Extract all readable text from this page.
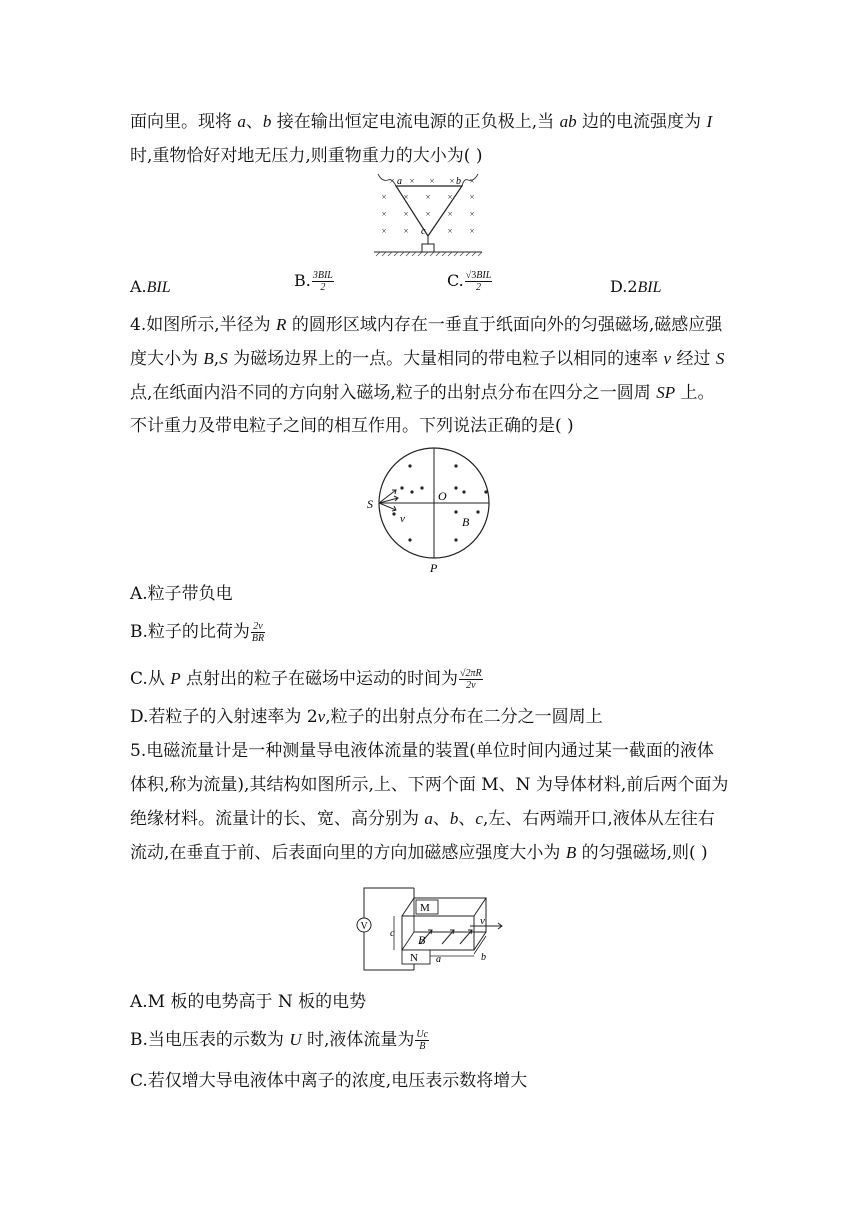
面向里。现将 a、b 接在输出恒定电流电源的正负极上,当 ab 边的电流强度为 I
时,重物恰好对地无压力,则重物重力的大小为( )
× × × × ×
× × × × ×
× × × × ×
× ×	× ×
a	b
c
A.BIL	B. $\frac{\text{3BIL}}{2}$	C. $\frac{\text{√3BIL}}{2}$	D.2BIL
4.如图所示,半径为 R 的圆形区域内存在一垂直于纸面向外的匀强磁场,磁感应强
度大小为 B,S 为磁场边界上的一点。大量相同的带电粒子以相同的速率 v 经过 S
点,在纸面内沿不同的方向射入磁场,粒子的出射点分布在四分之一圆周 SP 上。
不计重力及带电粒子之间的相互作用。下列说法正确的是( )
S
O
v	B
P
A.粒子带负电
B.粒子的比荷为 $\frac{2v}{BR}$
C.从 P 点射出的粒子在磁场中运动的时间为 $\frac{√2\pi R}{2v}$
D.若粒子的入射速率为 2v,粒子的出射点分布在二分之一圆周上
5.电磁流量计是一种测量导电液体流量的装置(单位时间内通过某一截面的液体
体积,称为流量),其结构如图所示,上、下两个面 M、N 为导体材料,前后两个面为
绝缘材料。流量计的长、宽、高分别为 a、b、c,左、右两端开口,液体从左往右
流动,在垂直于前、后表面向里的方向加磁感应强度大小为 B 的匀强磁场,则( )
V
M
N
B
v
c
a	b
A.M 板的电势高于 N 板的电势
B.当电压表的示数为 U 时,液体流量为 $\frac{Uc}{B}$
C.若仅增大导电液体中离子的浓度,电压表示数将增大
